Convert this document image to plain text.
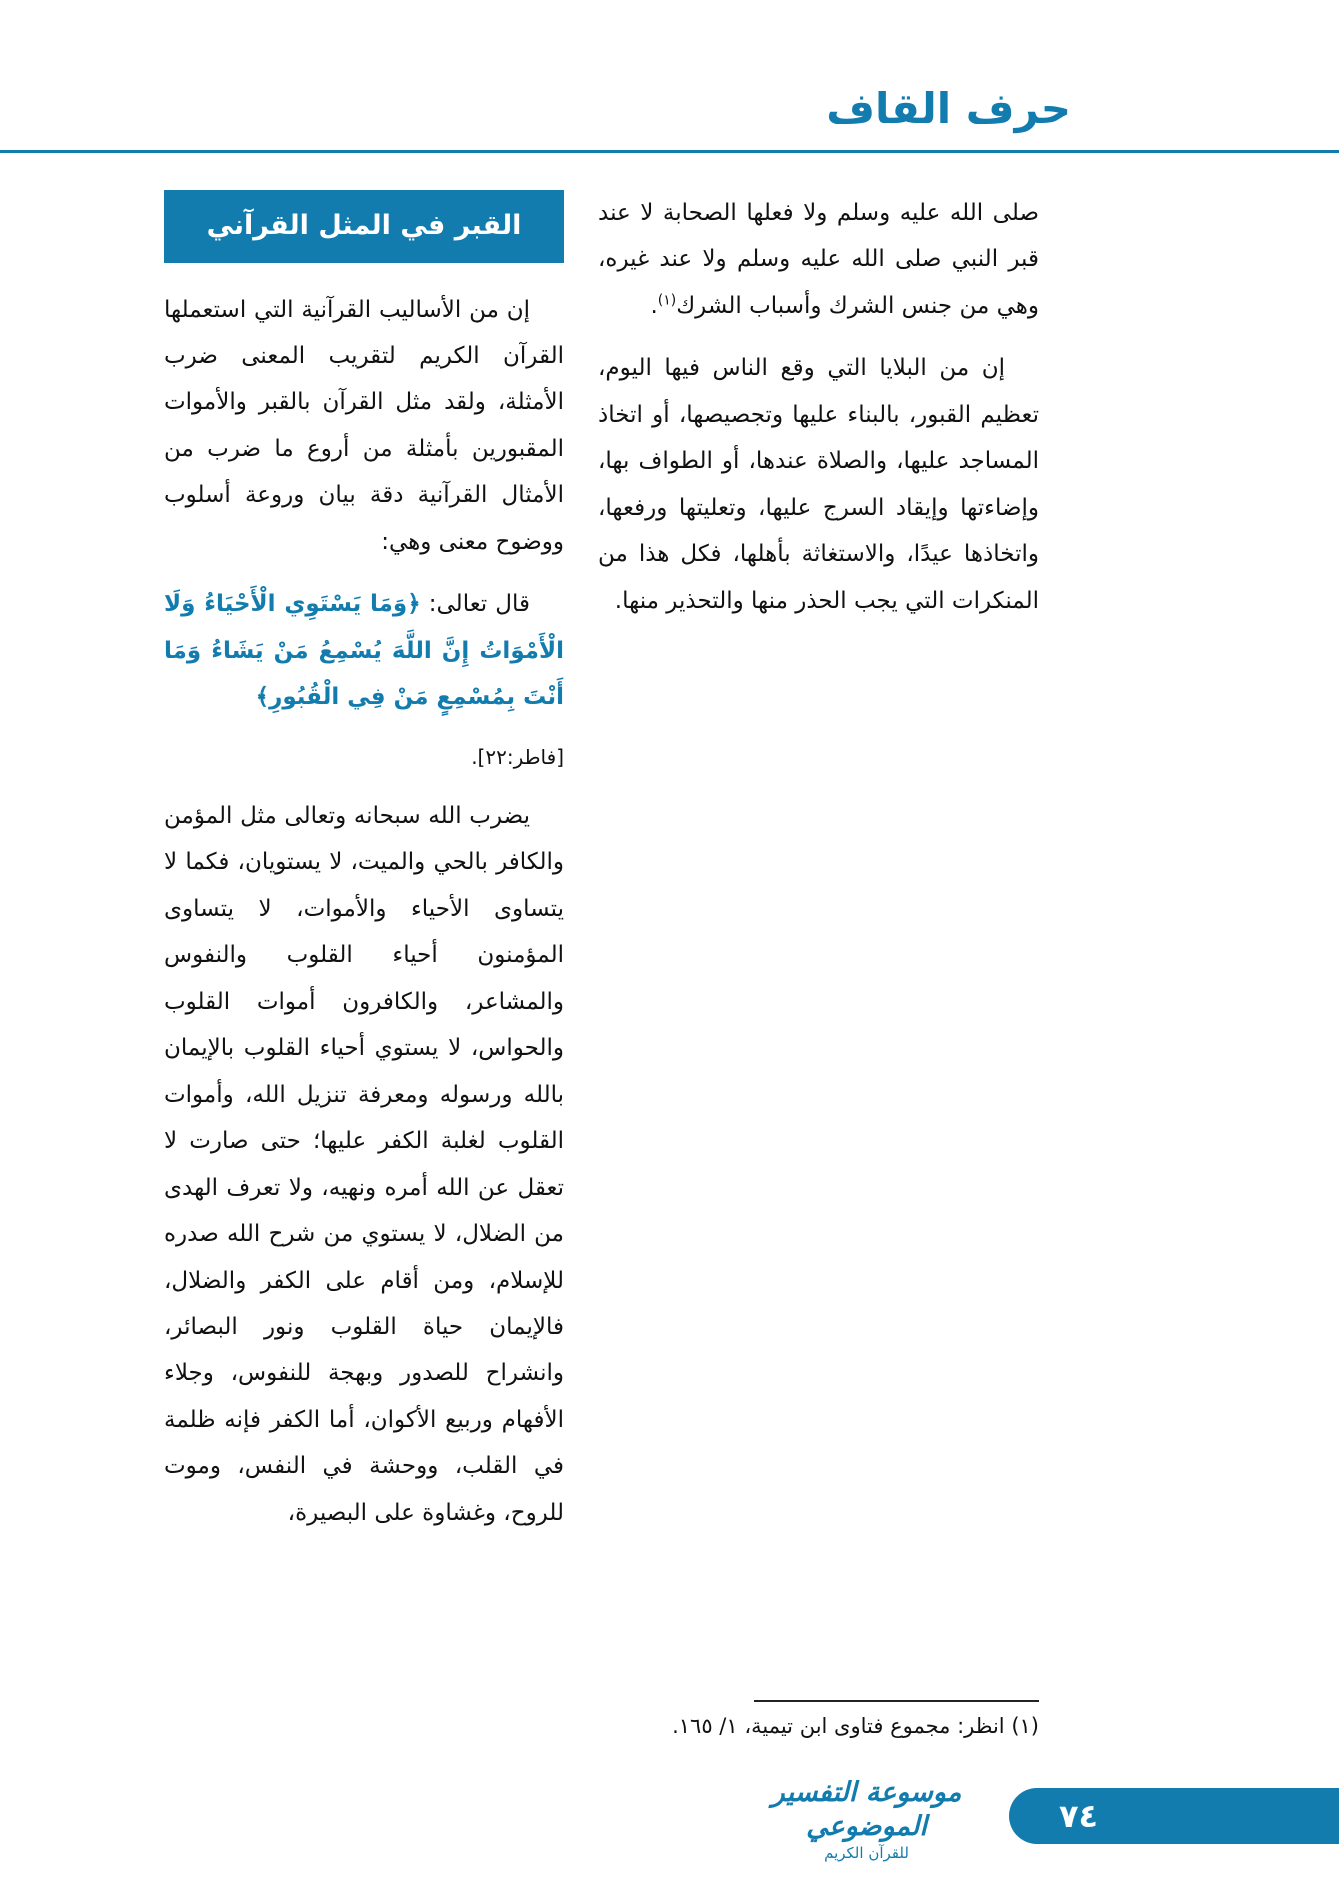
حرف القاف

صلى الله عليه وسلم ولا فعلها الصحابة لا عند قبر النبي صلى الله عليه وسلم ولا عند غيره، وهي من جنس الشرك وأسباب الشرك$^{(١)}$.

إن من البلايا التي وقع الناس فيها اليوم، تعظيم القبور، بالبناء عليها وتجصيصها، أو اتخاذ المساجد عليها، والصلاة عندها، أو الطواف بها، وإضاءتها وإيقاد السرج عليها، وتعليتها ورفعها، واتخاذها عيدًا، والاستغاثة بأهلها، فكل هذا من المنكرات التي يجب الحذر منها والتحذير منها.

القبر في المثل القرآني

إن من الأساليب القرآنية التي استعملها القرآن الكريم لتقريب المعنى ضرب الأمثلة، ولقد مثل القرآن بالقبر والأموات المقبورين بأمثلة من أروع ما ضرب من الأمثال القرآنية دقة بيان وروعة أسلوب ووضوح معنى وهي:

قال تعالى: ﴿وَمَا يَسْتَوِي الْأَحْيَاءُ وَلَا الْأَمْوَاتُ إِنَّ اللَّهَ يُسْمِعُ مَنْ يَشَاءُ وَمَا أَنْتَ بِمُسْمِعٍ مَنْ فِي الْقُبُورِ﴾

[فاطر:٢٢].

يضرب الله سبحانه وتعالى مثل المؤمن والكافر بالحي والميت، لا يستويان، فكما لا يتساوى الأحياء والأموات، لا يتساوى المؤمنون أحياء القلوب والنفوس والمشاعر، والكافرون أموات القلوب والحواس، لا يستوي أحياء القلوب بالإيمان بالله ورسوله ومعرفة تنزيل الله، وأموات القلوب لغلبة الكفر عليها؛ حتى صارت لا تعقل عن الله أمره ونهيه، ولا تعرف الهدى من الضلال، لا يستوي من شرح الله صدره للإسلام، ومن أقام على الكفر والضلال، فالإيمان حياة القلوب ونور البصائر، وانشراح للصدور وبهجة للنفوس، وجلاء الأفهام وربيع الأكوان، أما الكفر فإنه ظلمة في القلب، ووحشة في النفس، وموت للروح، وغشاوة على البصيرة،

(١) انظر: مجموع فتاوى ابن تيمية، ١/ ١٦٥.
موسوعة التفسير الموضوعي
للقرآن الكريم
٧٤
